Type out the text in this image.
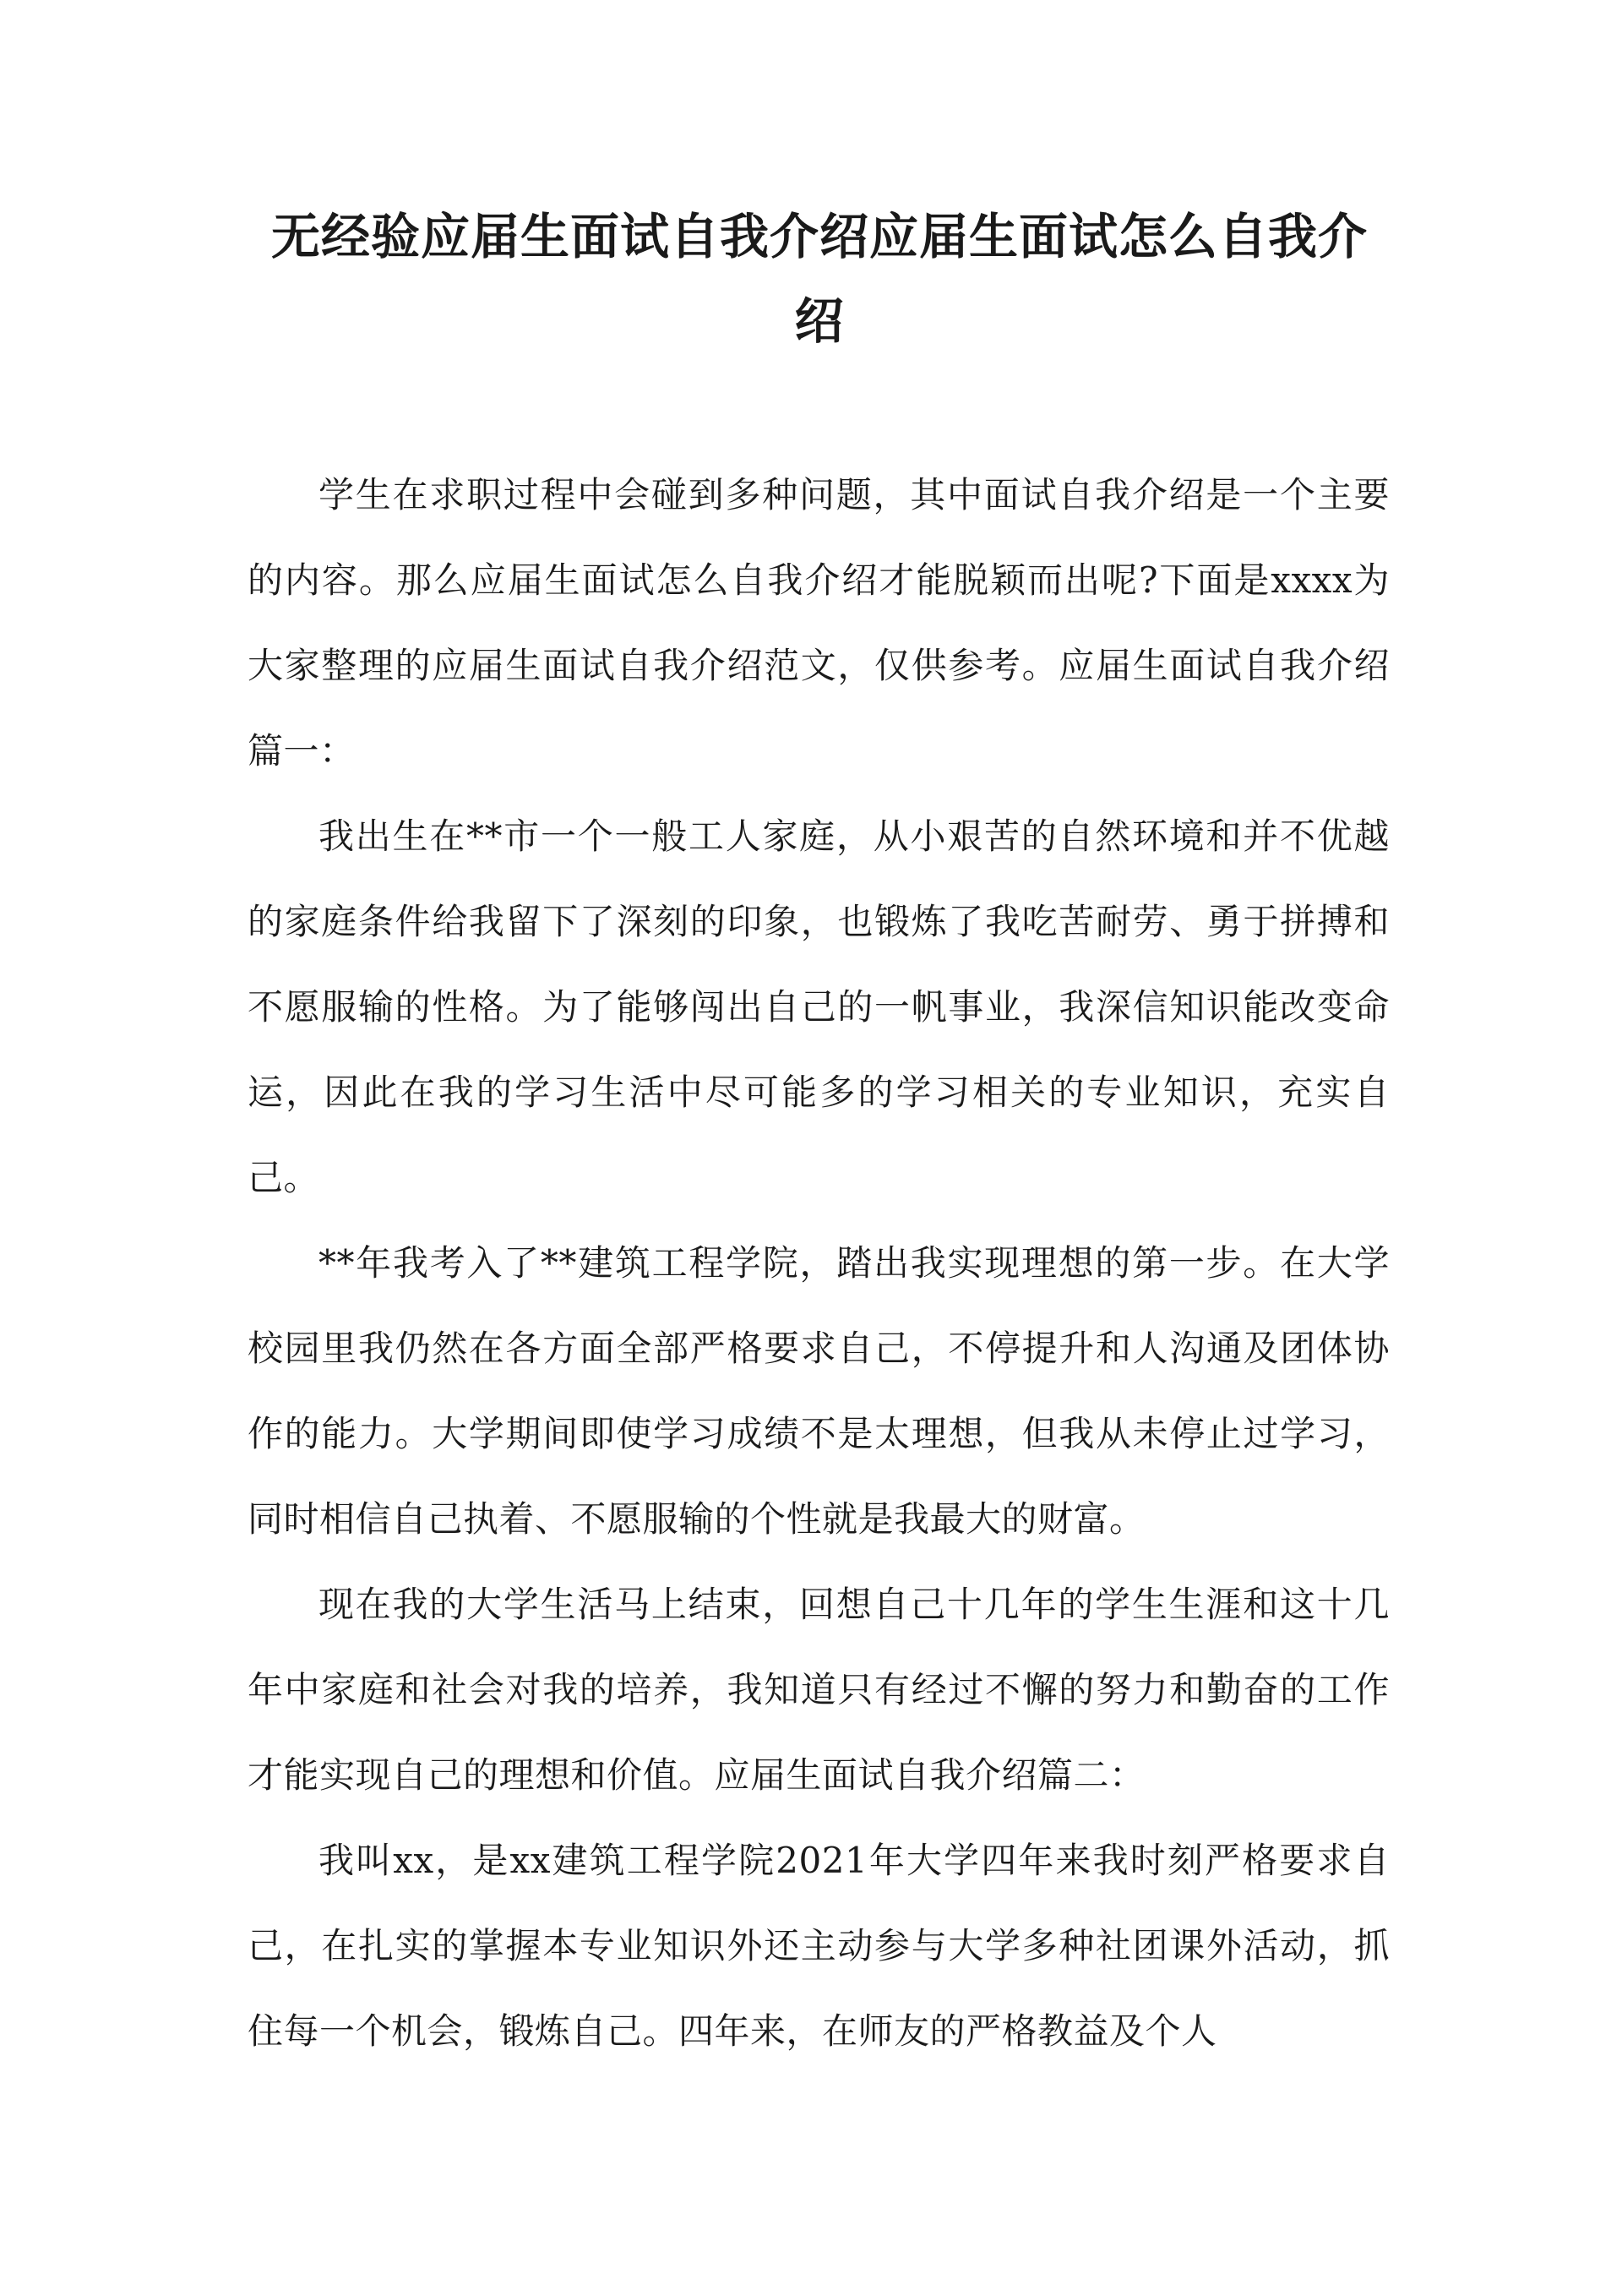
无经验应届生面试自我介绍应届生面试怎么自我介绍

学生在求职过程中会碰到多种问题，其中面试自我介绍是一个主要的内容。那么应届生面试怎么自我介绍才能脱颖而出呢?下面是xxxx为大家整理的应届生面试自我介绍范文，仅供参考。应届生面试自我介绍篇一：

我出生在**市一个一般工人家庭，从小艰苦的自然环境和并不优越的家庭条件给我留下了深刻的印象，也锻炼了我吃苦耐劳、勇于拼搏和不愿服输的性格。为了能够闯出自己的一帆事业，我深信知识能改变命运，因此在我的学习生活中尽可能多的学习相关的专业知识，充实自己。

**年我考入了**建筑工程学院，踏出我实现理想的第一步。在大学校园里我仍然在各方面全部严格要求自己，不停提升和人沟通及团体协作的能力。大学期间即使学习成绩不是太理想，但我从未停止过学习，同时相信自己执着、不愿服输的个性就是我最大的财富。

现在我的大学生活马上结束，回想自己十几年的学生生涯和这十几年中家庭和社会对我的培养，我知道只有经过不懈的努力和勤奋的工作才能实现自己的理想和价值。应届生面试自我介绍篇二：

我叫xx，是xx建筑工程学院2021年大学四年来我时刻严格要求自己，在扎实的掌握本专业知识外还主动参与大学多种社团课外活动，抓住每一个机会，锻炼自己。四年来，在师友的严格教益及个人
